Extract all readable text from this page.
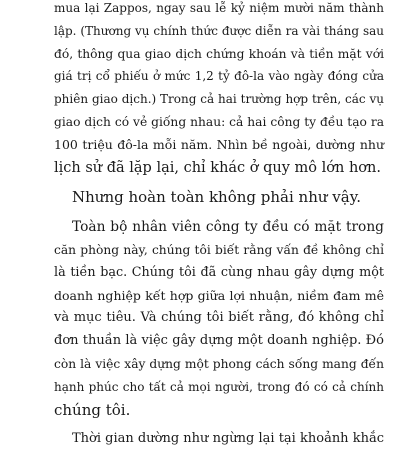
mua lại Zappos, ngay sau lễ kỷ niệm mười năm thành
lập. (Thương vụ chính thức được diễn ra vài tháng sau
đó, thông qua giao dịch chứng khoán và tiền mặt với
giá trị cổ phiếu ở mức 1,2 tỷ đô-la vào ngày đóng cửa
phiên giao dịch.) Trong cả hai trường hợp trên, các vụ
giao dịch có vẻ giống nhau: cả hai công ty đều tạo ra
100 triệu đô-la mỗi năm. Nhìn bề ngoài, dường như
lịch sử đã lặp lại, chỉ khác ở quy mô lớn hơn.
Nhưng hoàn toàn không phải như vậy.
Toàn bộ nhân viên công ty đều có mặt trong
căn phòng này, chúng tôi biết rằng vấn đề không chỉ
là tiền bạc. Chúng tôi đã cùng nhau gây dựng một
doanh nghiệp kết hợp giữa lợi nhuận, niềm đam mê
và mục tiêu. Và chúng tôi biết rằng, đó không chỉ
đơn thuần là việc gây dựng một doanh nghiệp. Đó
còn là việc xây dựng một phong cách sống mang đến
hạnh phúc cho tất cả mọi người, trong đó có cả chính
chúng tôi.
Thời gian dường như ngừng lại tại khoảnh khắc
